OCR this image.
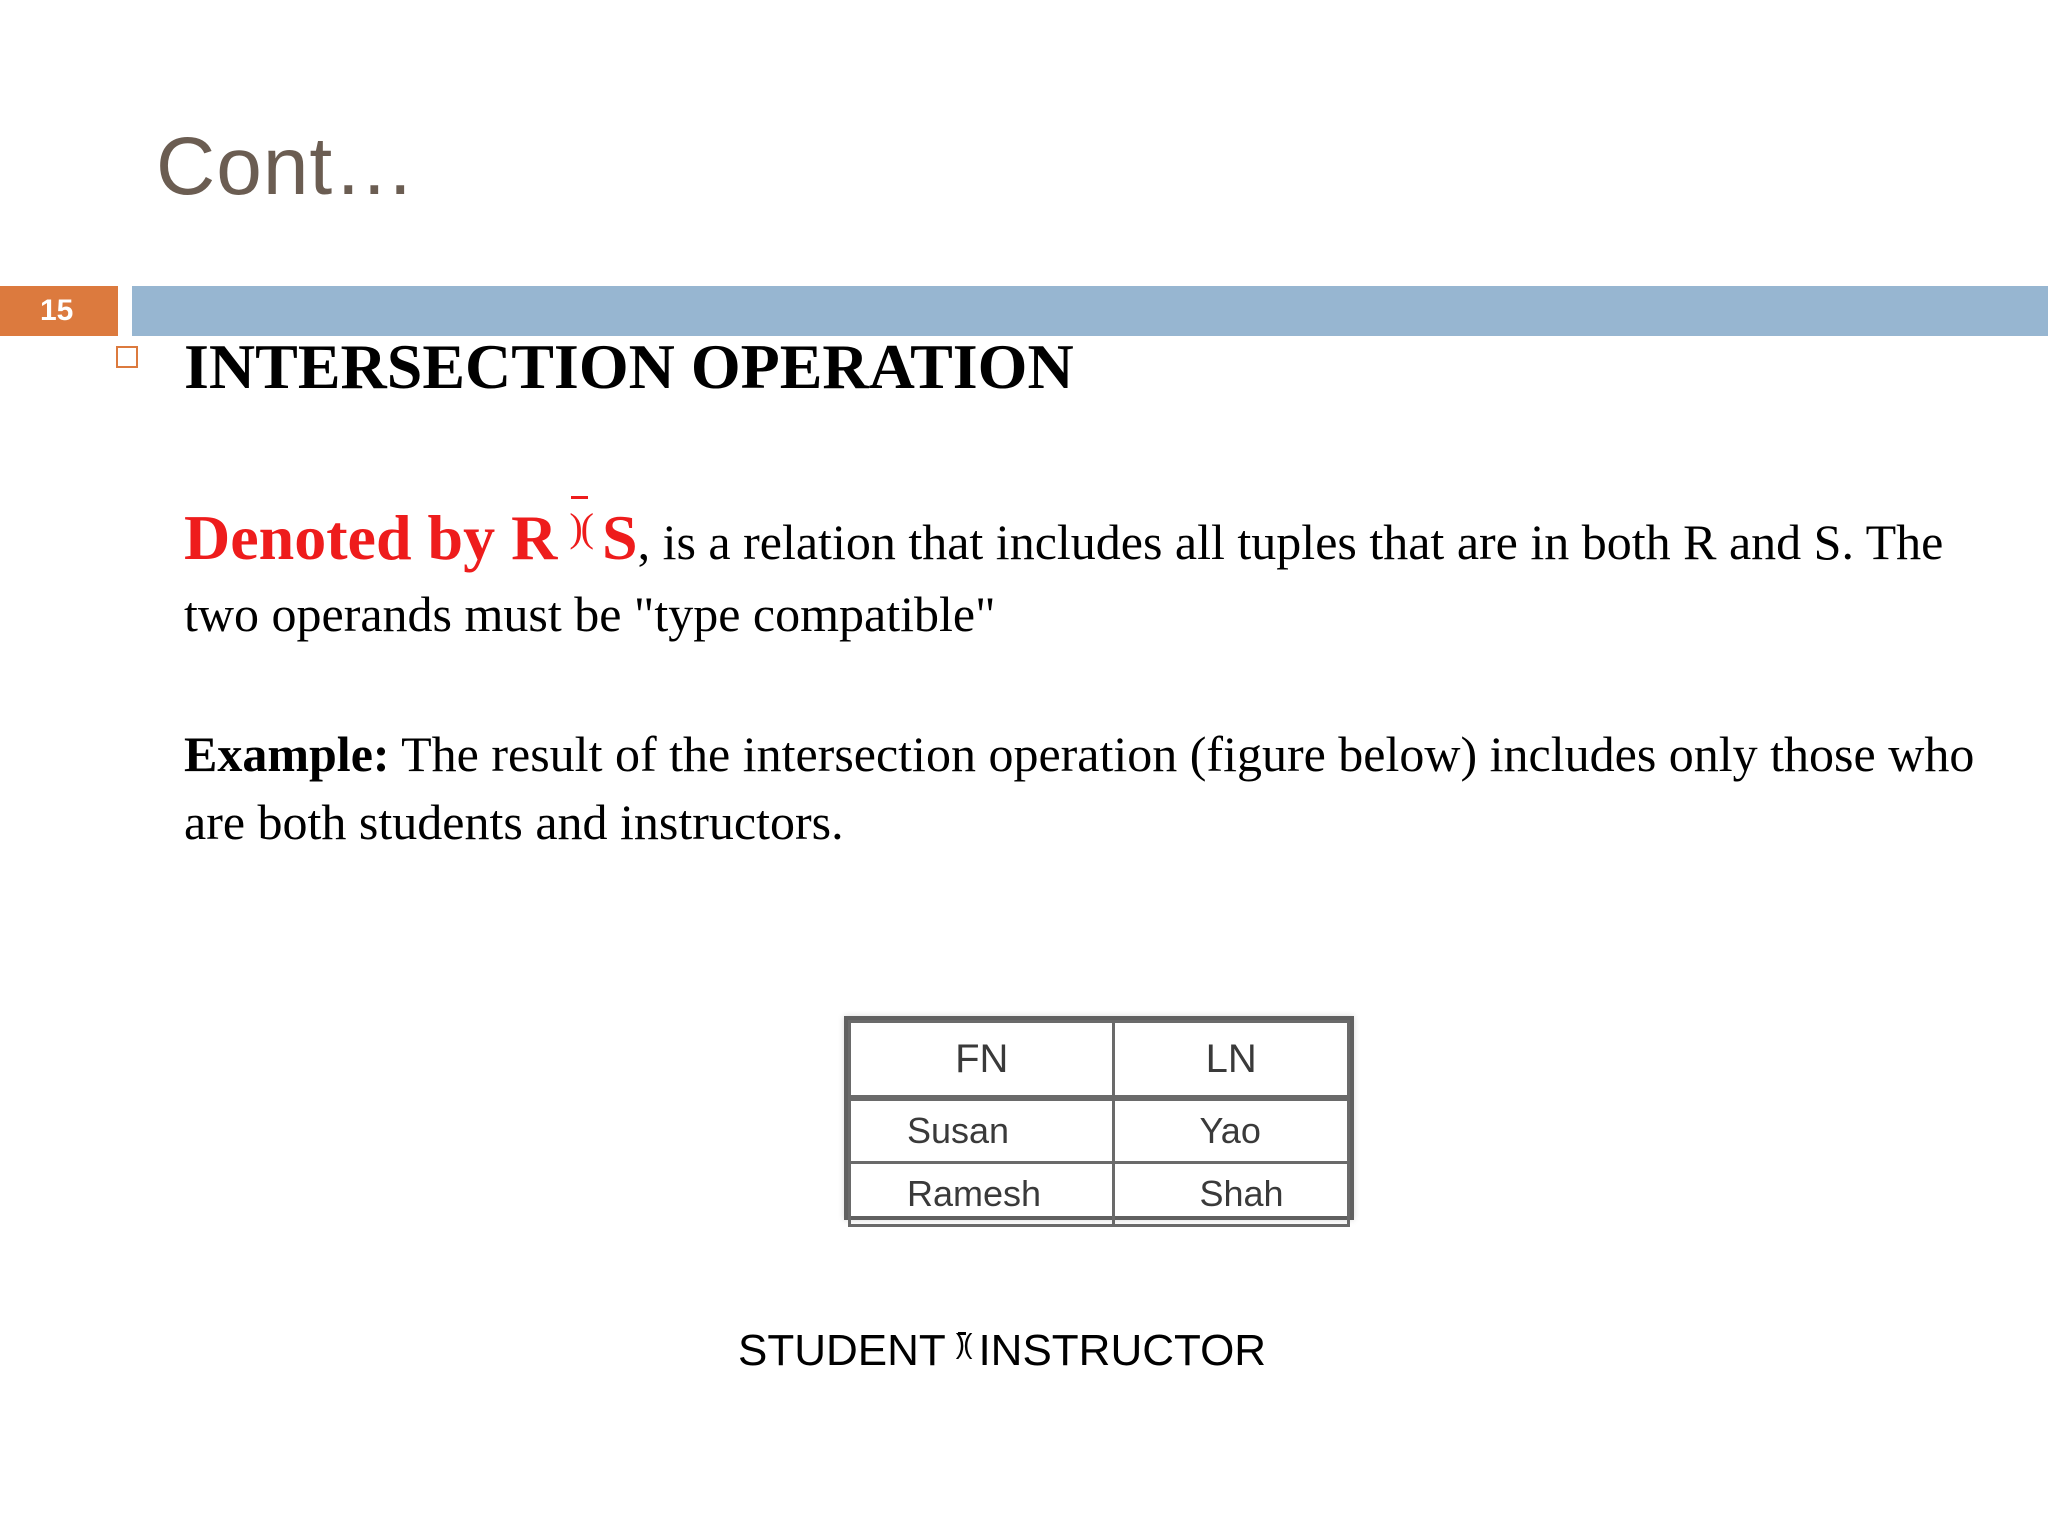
Cont…
15
INTERSECTION OPERATION

Denoted by R )( S, is a relation that includes all tuples that are in both R and S. The two operands must be "type compatible"

Example: The result of the intersection operation (figure below) includes only those who are both students and instructors.

FN	LN
Susan	Yao
Ramesh	Shah

STUDENT )( INSTRUCTOR
